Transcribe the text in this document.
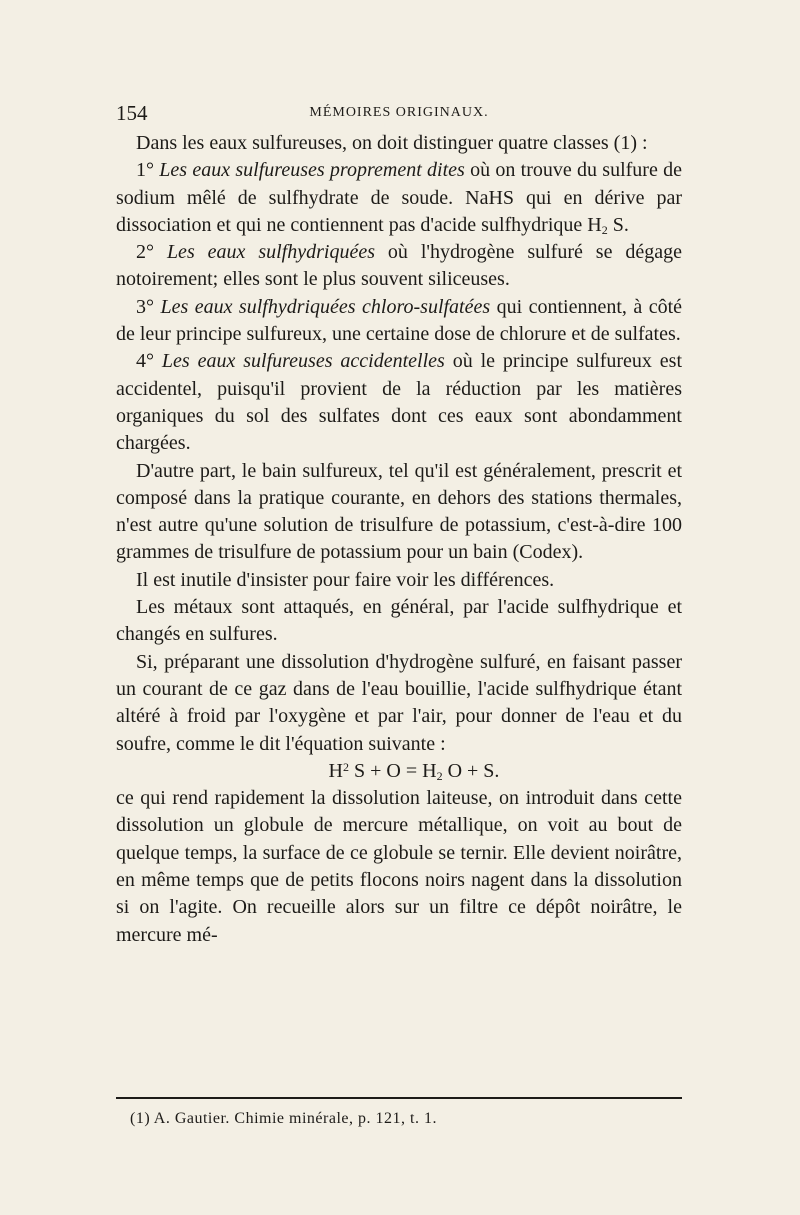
154	MÉMOIRES ORIGINAUX.

Dans les eaux sulfureuses, on doit distinguer quatre classes (1) :

1° Les eaux sulfureuses proprement dites où on trouve du sulfure de sodium mêlé de sulfhydrate de soude. NaHS qui en dérive par dissociation et qui ne contiennent pas d'acide sulfhydrique $H_2$ S.

2° Les eaux sulfhydriquées où l'hydrogène sulfuré se dégage notoirement; elles sont le plus souvent siliceuses.

3° Les eaux sulfhydriquées chloro-sulfatées qui contiennent, à côté de leur principe sulfureux, une certaine dose de chlorure et de sulfates.

4° Les eaux sulfureuses accidentelles où le principe sulfureux est accidentel, puisqu'il provient de la réduction par les matières organiques du sol des sulfates dont ces eaux sont abondamment chargées.

D'autre part, le bain sulfureux, tel qu'il est généralement, prescrit et composé dans la pratique courante, en dehors des stations thermales, n'est autre qu'une solution de trisulfure de potassium, c'est-à-dire 100 grammes de trisulfure de potassium pour un bain (Codex).

Il est inutile d'insister pour faire voir les différences.

Les métaux sont attaqués, en général, par l'acide sulfhydrique et changés en sulfures.

Si, préparant une dissolution d'hydrogène sulfuré, en faisant passer un courant de ce gaz dans de l'eau bouillie, l'acide sulfhydrique étant altéré à froid par l'oxygène et par l'air, pour donner de l'eau et du soufre, comme le dit l'équation suivante :

$H^2$ $S + O = H_2$ O + S.

ce qui rend rapidement la dissolution laiteuse, on introduit dans cette dissolution un globule de mercure métallique, on voit au bout de quelque temps, la surface de ce globule se ternir. Elle devient noirâtre, en même temps que de petits flocons noirs nagent dans la dissolution si on l'agite. On recueille alors sur un filtre ce dépôt noirâtre, le mercure mé-

(1) A. Gautier. Chimie minérale, p. 121, t. 1.
